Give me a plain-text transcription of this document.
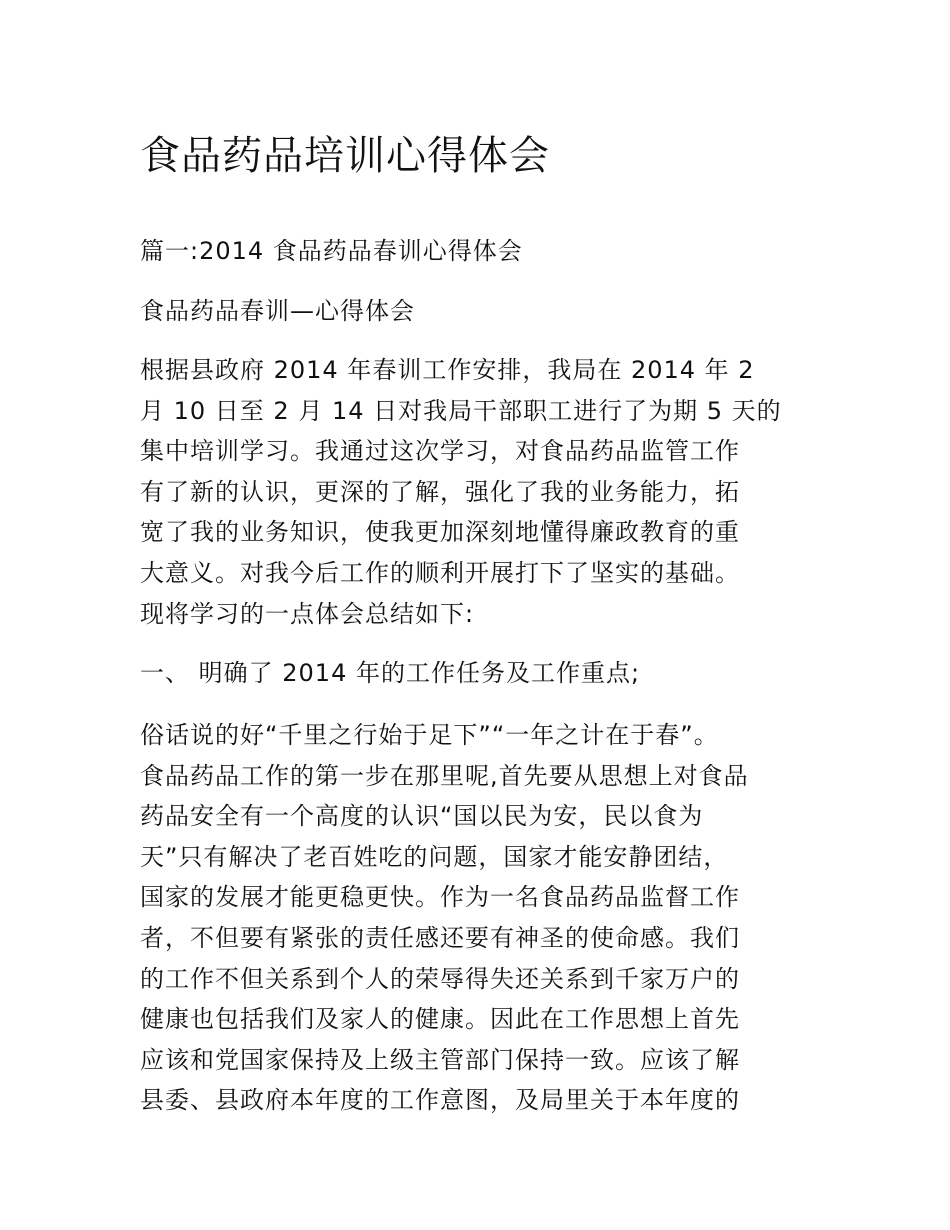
食品药品培训心得体会
篇一:2014 食品药品春训心得体会
食品药品春训—心得体会
根据县政府 2014 年春训工作安排，我局在 2014 年 2
月 10 日至 2 月 14 日对我局干部职工进行了为期 5 天的
集中培训学习。我通过这次学习，对食品药品监管工作
有了新的认识，更深的了解，强化了我的业务能力，拓
宽了我的业务知识，使我更加深刻地懂得廉政教育的重
大意义。对我今后工作的顺利开展打下了坚实的基础。
现将学习的一点体会总结如下:
一、 明确了 2014 年的工作任务及工作重点;
俗话说的好“千里之行始于足下”“一年之计在于春”。
食品药品工作的第一步在那里呢,首先要从思想上对食品
药品安全有一个高度的认识“国以民为安，民以食为
天”只有解决了老百姓吃的问题，国家才能安静团结，
国家的发展才能更稳更快。作为一名食品药品监督工作
者，不但要有紧张的责任感还要有神圣的使命感。我们
的工作不但关系到个人的荣辱得失还关系到千家万户的
健康也包括我们及家人的健康。因此在工作思想上首先
应该和党国家保持及上级主管部门保持一致。应该了解
县委、县政府本年度的工作意图，及局里关于本年度的
